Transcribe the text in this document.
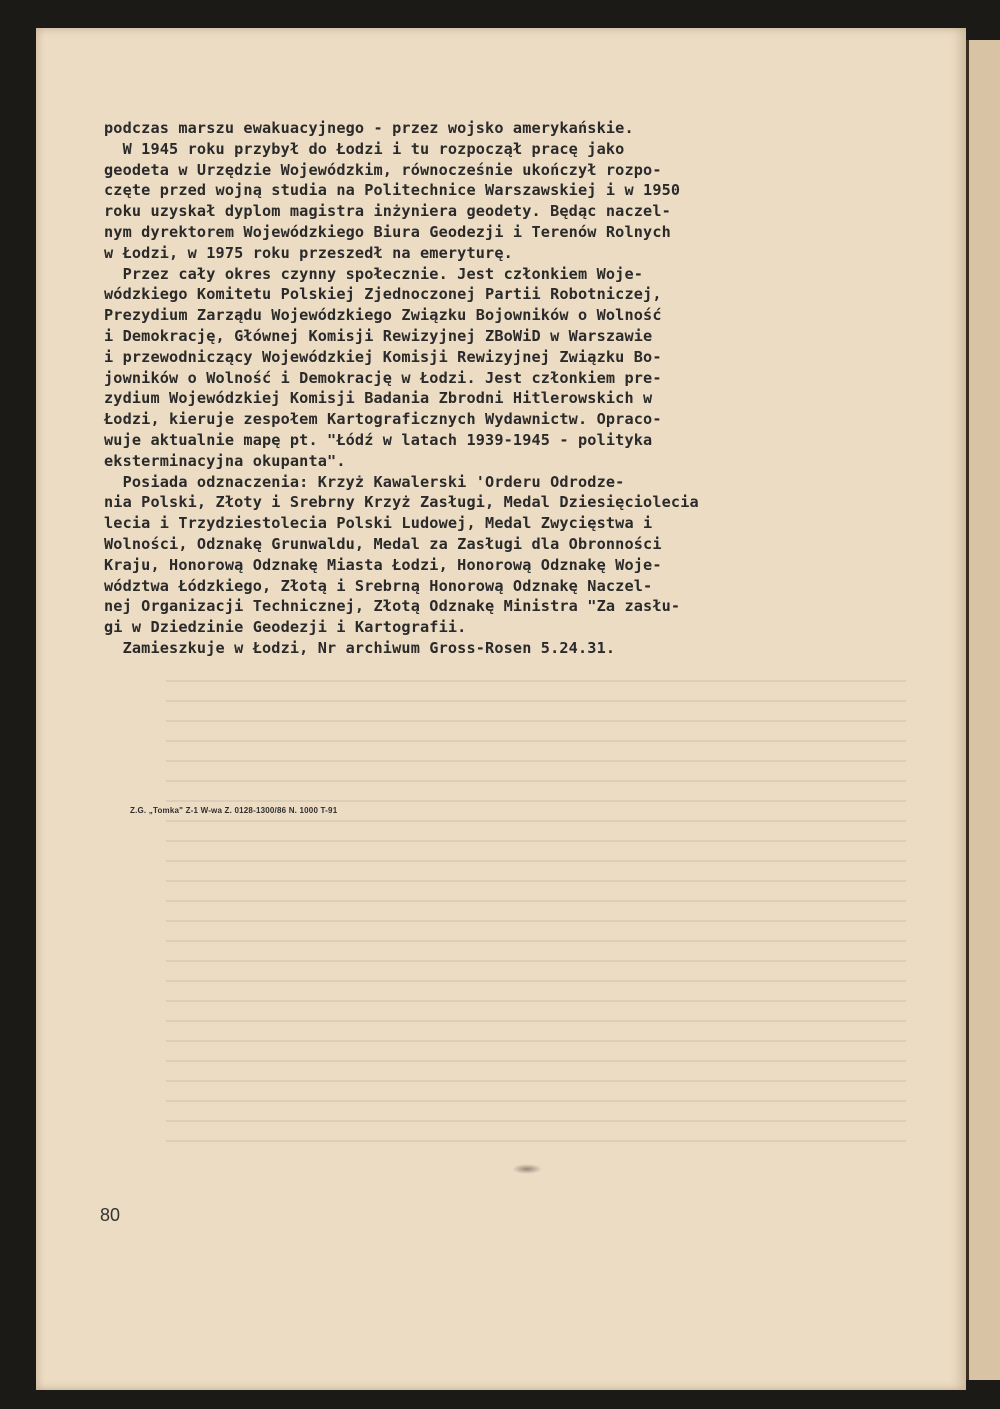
podczas marszu ewakuacyjnego - przez wojsko amerykańskie.
W 1945 roku przybył do Łodzi i tu rozpoczął pracę jako
geodeta w Urzędzie Wojewódzkim, równocześnie ukończył rozpo-
częte przed wojną studia na Politechnice Warszawskiej i w 1950
roku uzyskał dyplom magistra inżyniera geodety. Będąc naczel-
nym dyrektorem Wojewódzkiego Biura Geodezji i Terenów Rolnych
w Łodzi, w 1975 roku przeszedł na emeryturę.
Przez cały okres czynny społecznie. Jest członkiem Woje-
wódzkiego Komitetu Polskiej Zjednoczonej Partii Robotniczej,
Prezydium Zarządu Wojewódzkiego Związku Bojowników o Wolność
i Demokrację, Głównej Komisji Rewizyjnej ZBoWiD w Warszawie
i przewodniczący Wojewódzkiej Komisji Rewizyjnej Związku Bo-
jowników o Wolność i Demokrację w Łodzi. Jest członkiem pre-
zydium Wojewódzkiej Komisji Badania Zbrodni Hitlerowskich w
Łodzi, kieruje zespołem Kartograficznych Wydawnictw. Opraco-
wuje aktualnie mapę pt. "Łódź w latach 1939-1945 - polityka
eksterminacyjna okupanta".
Posiada odznaczenia: Krzyż Kawalerski 'Orderu Odrodze-
nia Polski, Złoty i Srebrny Krzyż Zasługi, Medal Dziesięciolecia
lecia i Trzydziestolecia Polski Ludowej, Medal Zwycięstwa i
Wolności, Odznakę Grunwaldu, Medal za Zasługi dla Obronności
Kraju, Honorową Odznakę Miasta Łodzi, Honorową Odznakę Woje-
wództwa Łódzkiego, Złotą i Srebrną Honorową Odznakę Naczel-
nej Organizacji Technicznej, Złotą Odznakę Ministra "Za zasłu-
gi w Dziedzinie Geodezji i Kartografii.
Zamieszkuje w Łodzi, Nr archiwum Gross-Rosen 5.24.31.
Z.G. „Tomka" Z-1 W-wa Z. 0128-1300/86 N. 1000 T-91
80
